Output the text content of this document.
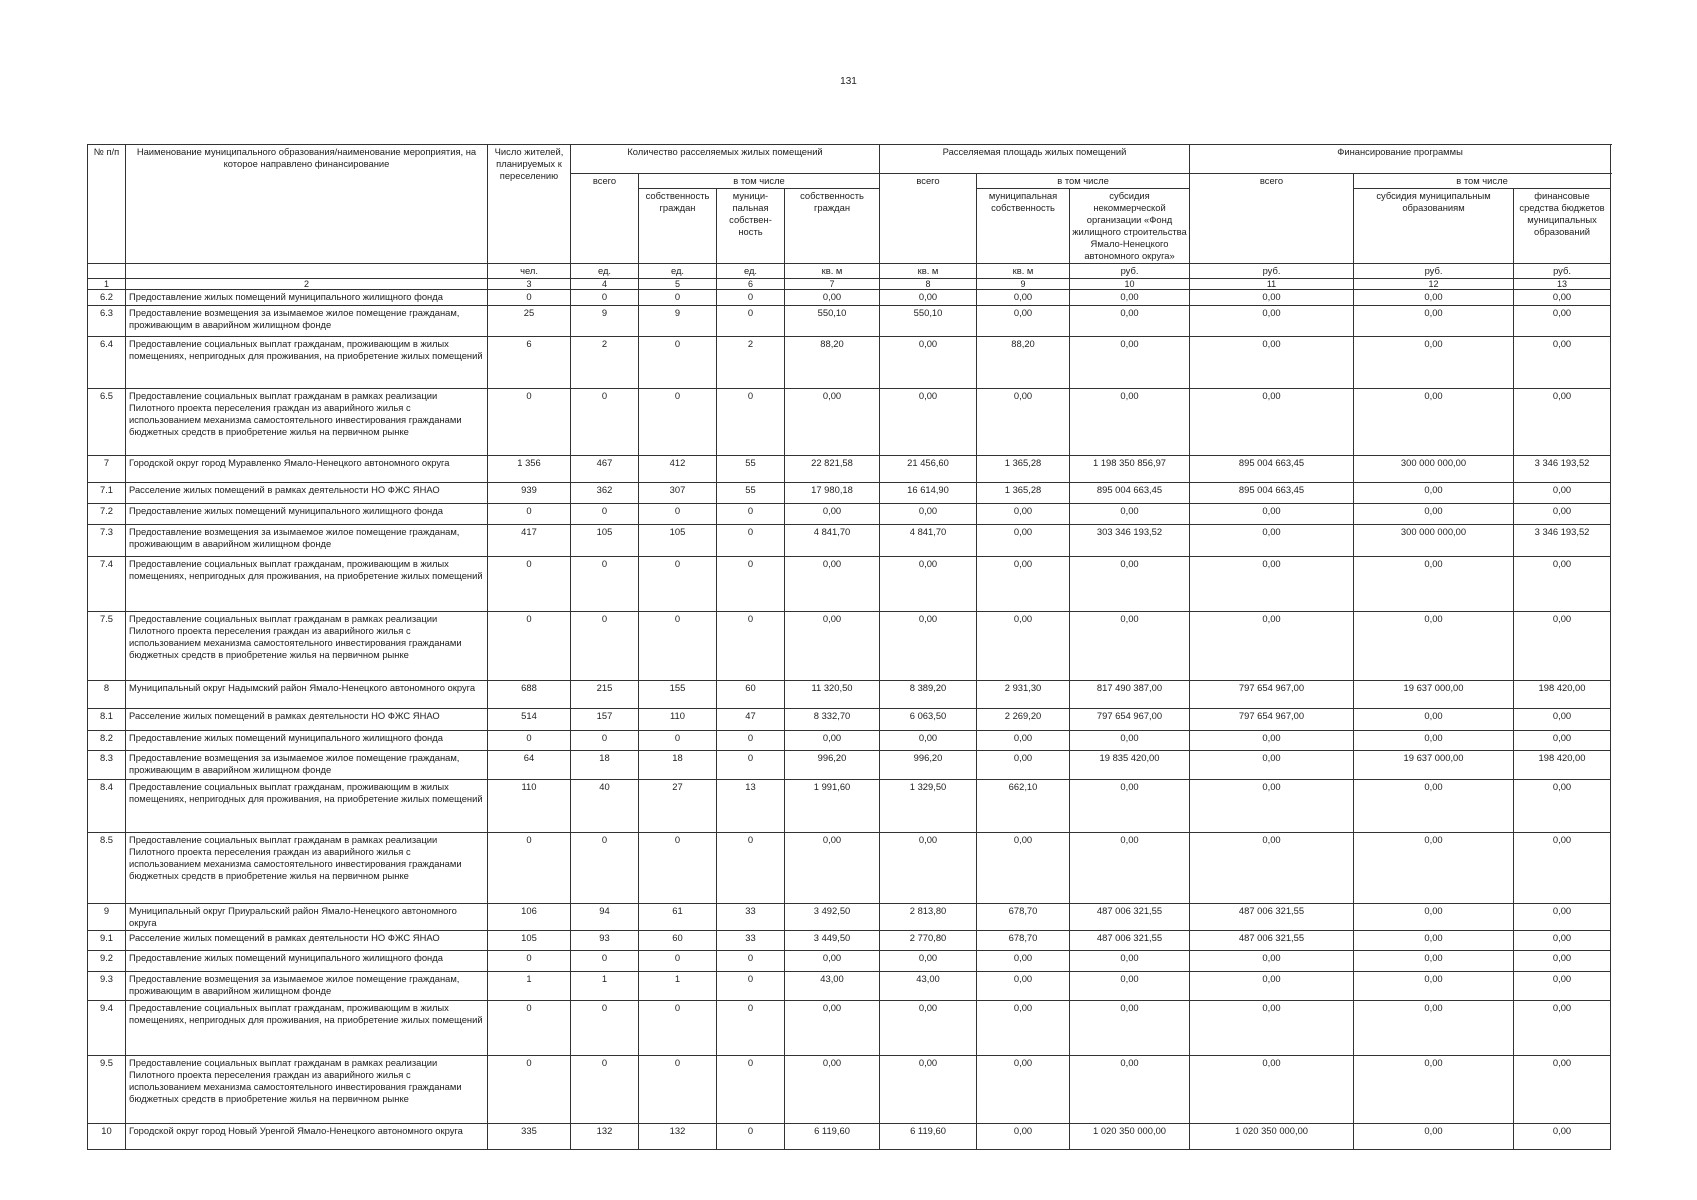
131
№ п/п	Наименование муниципального образования/наименование мероприятия, на которое направлено финансирование	Число жителей, планируемых к переселению	Количество расселяемых жилых помещений				Расселяемая площадь жилых помещений			Финансирование программы		
			всего	в том числе			всего	в том числе		всего	в том числе	
				собственность граждан	муници-пальная собствен-ность	собственность граждан		муниципальная собственность	субсидия некоммерческой организации «Фонд жилищного строительства Ямало-Ненецкого автономного округа»		субсидия муниципальным образованиям	финансовые средства бюджетов муниципальных образований
		чел.	ед.	ед.	ед.	кв. м	кв. м	кв. м	руб.	руб.	руб.	руб.
1	2	3	4	5	6	7	8	9	10	11	12	13
6.2	Предоставление жилых помещений муниципального жилищного фонда	0	0	0	0	0,00	0,00	0,00	0,00	0,00	0,00	0,00
6.3	Предоставление возмещения за изымаемое жилое помещение гражданам, проживающим в аварийном жилищном фонде	25	9	9	0	550,10	550,10	0,00	0,00	0,00	0,00	0,00
6.4	Предоставление социальных выплат гражданам, проживающим в жилых помещениях, непригодных для проживания, на приобретение жилых помещений	6	2	0	2	88,20	0,00	88,20	0,00	0,00	0,00	0,00
6.5	Предоставление социальных выплат гражданам в рамках реализации Пилотного проекта переселения граждан из аварийного жилья с использованием механизма самостоятельного инвестирования гражданами бюджетных средств в приобретение жилья на первичном рынке	0	0	0	0	0,00	0,00	0,00	0,00	0,00	0,00	0,00
7	Городской округ город Муравленко Ямало-Ненецкого автономного округа	1 356	467	412	55	22 821,58	21 456,60	1 365,28	1 198 350 856,97	895 004 663,45	300 000 000,00	3 346 193,52
7.1	Расселение жилых помещений в рамках деятельности НО ФЖС ЯНАО	939	362	307	55	17 980,18	16 614,90	1 365,28	895 004 663,45	895 004 663,45	0,00	0,00
7.2	Предоставление жилых помещений муниципального жилищного фонда	0	0	0	0	0,00	0,00	0,00	0,00	0,00	0,00	0,00
7.3	Предоставление возмещения за изымаемое жилое помещение гражданам, проживающим в аварийном жилищном фонде	417	105	105	0	4 841,70	4 841,70	0,00	303 346 193,52	0,00	300 000 000,00	3 346 193,52
7.4	Предоставление социальных выплат гражданам, проживающим в жилых помещениях, непригодных для проживания, на приобретение жилых помещений	0	0	0	0	0,00	0,00	0,00	0,00	0,00	0,00	0,00
7.5	Предоставление социальных выплат гражданам в рамках реализации Пилотного проекта переселения граждан из аварийного жилья с использованием механизма самостоятельного инвестирования гражданами бюджетных средств в приобретение жилья на первичном рынке	0	0	0	0	0,00	0,00	0,00	0,00	0,00	0,00	0,00
8	Муниципальный округ Надымский район Ямало-Ненецкого автономного округа	688	215	155	60	11 320,50	8 389,20	2 931,30	817 490 387,00	797 654 967,00	19 637 000,00	198 420,00
8.1	Расселение жилых помещений в рамках деятельности НО ФЖС ЯНАО	514	157	110	47	8 332,70	6 063,50	2 269,20	797 654 967,00	797 654 967,00	0,00	0,00
8.2	Предоставление жилых помещений муниципального жилищного фонда	0	0	0	0	0,00	0,00	0,00	0,00	0,00	0,00	0,00
8.3	Предоставление возмещения за изымаемое жилое помещение гражданам, проживающим в аварийном жилищном фонде	64	18	18	0	996,20	996,20	0,00	19 835 420,00	0,00	19 637 000,00	198 420,00
8.4	Предоставление социальных выплат гражданам, проживающим в жилых помещениях, непригодных для проживания, на приобретение жилых помещений	110	40	27	13	1 991,60	1 329,50	662,10	0,00	0,00	0,00	0,00
8.5	Предоставление социальных выплат гражданам в рамках реализации Пилотного проекта переселения граждан из аварийного жилья с использованием механизма самостоятельного инвестирования гражданами бюджетных средств в приобретение жилья на первичном рынке	0	0	0	0	0,00	0,00	0,00	0,00	0,00	0,00	0,00
9	Муниципальный округ Приуральский район Ямало-Ненецкого автономного округа	106	94	61	33	3 492,50	2 813,80	678,70	487 006 321,55	487 006 321,55	0,00	0,00
9.1	Расселение жилых помещений в рамках деятельности НО ФЖС ЯНАО	105	93	60	33	3 449,50	2 770,80	678,70	487 006 321,55	487 006 321,55	0,00	0,00
9.2	Предоставление жилых помещений муниципального жилищного фонда	0	0	0	0	0,00	0,00	0,00	0,00	0,00	0,00	0,00
9.3	Предоставление возмещения за изымаемое жилое помещение гражданам, проживающим в аварийном жилищном фонде	1	1	1	0	43,00	43,00	0,00	0,00	0,00	0,00	0,00
9.4	Предоставление социальных выплат гражданам, проживающим в жилых помещениях, непригодных для проживания, на приобретение жилых помещений	0	0	0	0	0,00	0,00	0,00	0,00	0,00	0,00	0,00
9.5	Предоставление социальных выплат гражданам в рамках реализации Пилотного проекта переселения граждан из аварийного жилья с использованием механизма самостоятельного инвестирования гражданами бюджетных средств в приобретение жилья на первичном рынке	0	0	0	0	0,00	0,00	0,00	0,00	0,00	0,00	0,00
10	Городской округ город Новый Уренгой Ямало-Ненецкого автономного округа	335	132	132	0	6 119,60	6 119,60	0,00	1 020 350 000,00	1 020 350 000,00	0,00	0,00
